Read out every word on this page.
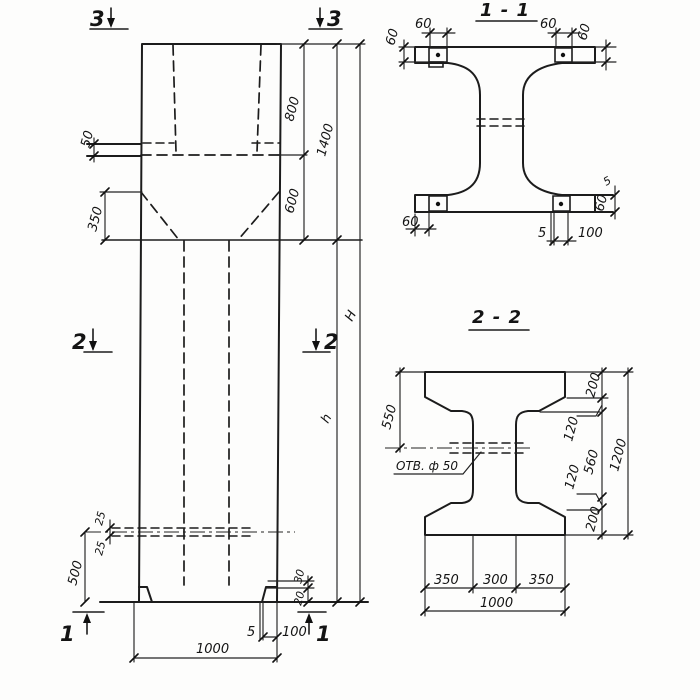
50
350
800
1400
600
H
h
25
25
500	30
20
5 100
1000
3	3
2	2
1	1
1 - 1
60
60
60 60
60
5
60
5 100
2 - 2
ОТВ. ф 50
550
200
120
560
120
200
1200
350 300 350
1000
